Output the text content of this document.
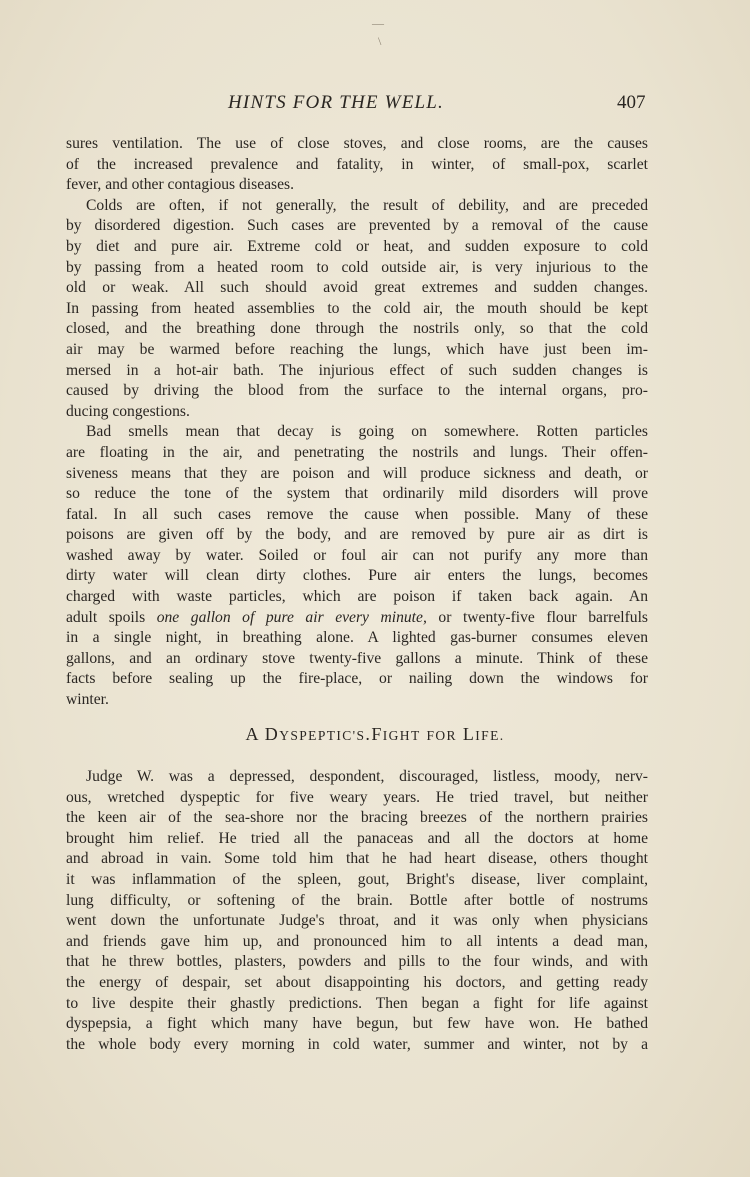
—
\
HINTS FOR THE WELL.	407
sures ventilation. The use of close stoves, and close rooms, are the causes
of the increased prevalence and fatality, in winter, of small-pox, scarlet
fever, and other contagious diseases.
Colds are often, if not generally, the result of debility, and are preceded
by disordered digestion. Such cases are prevented by a removal of the cause
by diet and pure air. Extreme cold or heat, and sudden exposure to cold
by passing from a heated room to cold outside air, is very injurious to the
old or weak. All such should avoid great extremes and sudden changes.
In passing from heated assemblies to the cold air, the mouth should be kept
closed, and the breathing done through the nostrils only, so that the cold
air may be warmed before reaching the lungs, which have just been im-
mersed in a hot-air bath. The injurious effect of such sudden changes is
caused by driving the blood from the surface to the internal organs, pro-
ducing congestions.
Bad smells mean that decay is going on somewhere. Rotten particles
are floating in the air, and penetrating the nostrils and lungs. Their offen-
siveness means that they are poison and will produce sickness and death, or
so reduce the tone of the system that ordinarily mild disorders will prove
fatal. In all such cases remove the cause when possible. Many of these
poisons are given off by the body, and are removed by pure air as dirt is
washed away by water. Soiled or foul air can not purify any more than
dirty water will clean dirty clothes. Pure air enters the lungs, becomes
charged with waste particles, which are poison if taken back again. An
adult spoils one gallon of pure air every minute, or twenty-five flour barrelfuls
in a single night, in breathing alone. A lighted gas-burner consumes eleven
gallons, and an ordinary stove twenty-five gallons a minute. Think of these
facts before sealing up the fire-place, or nailing down the windows for
winter.
A DYSPEPTIC'S.FIGHT FOR LIFE.
Judge W. was a depressed, despondent, discouraged, listless, moody, nerv-
ous, wretched dyspeptic for five weary years. He tried travel, but neither
the keen air of the sea-shore nor the bracing breezes of the northern prairies
brought him relief. He tried all the panaceas and all the doctors at home
and abroad in vain. Some told him that he had heart disease, others thought
it was inflammation of the spleen, gout, Bright's disease, liver complaint,
lung difficulty, or softening of the brain. Bottle after bottle of nostrums
went down the unfortunate Judge's throat, and it was only when physicians
and friends gave him up, and pronounced him to all intents a dead man,
that he threw bottles, plasters, powders and pills to the four winds, and with
the energy of despair, set about disappointing his doctors, and getting ready
to live despite their ghastly predictions. Then began a fight for life against
dyspepsia, a fight which many have begun, but few have won. He bathed
the whole body every morning in cold water, summer and winter, not by a
